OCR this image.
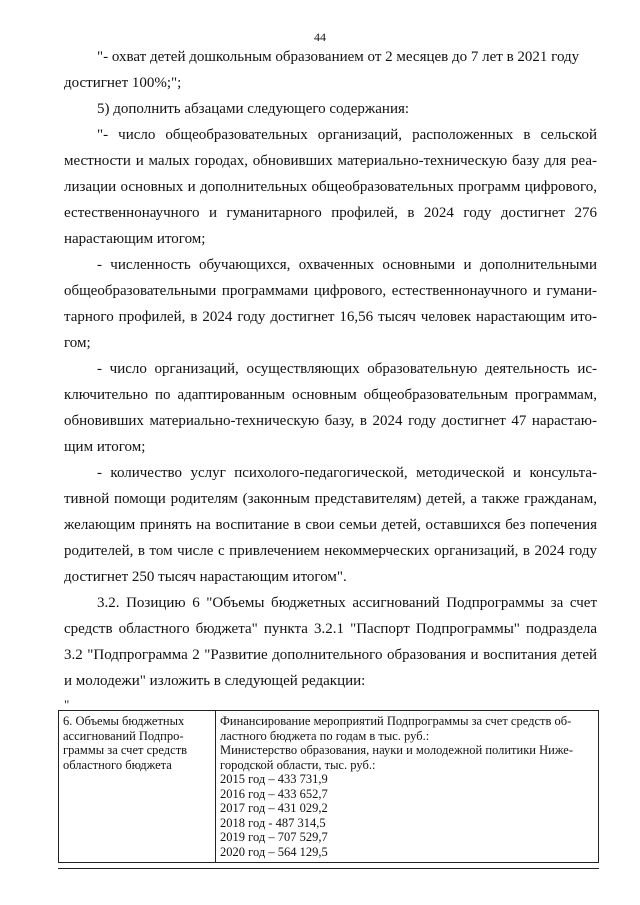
44
"- охват детей дошкольным образованием от 2 месяцев до 7 лет в 2021 году
достигнет 100%;";
5) дополнить абзацами следующего содержания:
"- число общеобразовательных организаций, расположенных в сельской
местности и малых городах, обновивших материально-техническую базу для реа-
лизации основных и дополнительных общеобразовательных программ цифрового,
естественнонаучного и гуманитарного профилей, в 2024 году достигнет 276
нарастающим итогом;
- численность обучающихся, охваченных основными и дополнительными
общеобразовательными программами цифрового, естественнонаучного и гумани-
тарного профилей, в 2024 году достигнет 16,56 тысяч человек нарастающим ито-
гом;
- число организаций, осуществляющих образовательную деятельность ис-
ключительно по адаптированным основным общеобразовательным программам,
обновивших материально-техническую базу, в 2024 году достигнет 47 нарастаю-
щим итогом;
- количество услуг психолого-педагогической, методической и консульта-
тивной помощи родителям (законным представителям) детей, а также гражданам,
желающим принять на воспитание в свои семьи детей, оставшихся без попечения
родителей, в том числе с привлечением некоммерческих организаций, в 2024 году
достигнет 250 тысяч нарастающим итогом".
3.2. Позицию 6 "Объемы бюджетных ассигнований Подпрограммы за счет
средств областного бюджета" пункта 3.2.1 "Паспорт Подпрограммы" подраздела
3.2 "Подпрограмма 2 "Развитие дополнительного образования и воспитания детей
и молодежи" изложить в следующей редакции:
"
6. Объемы бюджетных
ассигнований Подпро-
граммы за счет средств
областного бюджета

Финансирование мероприятий Подпрограммы за счет средств об-
ластного бюджета по годам в тыс. руб.:
Министерство образования, науки и молодежной политики Ниже-
городской области, тыс. руб.:
2015 год – 433 731,9
2016 год – 433 652,7
2017 год – 431 029,2
2018 год - 487 314,5
2019 год – 707 529,7
2020 год – 564 129,5
